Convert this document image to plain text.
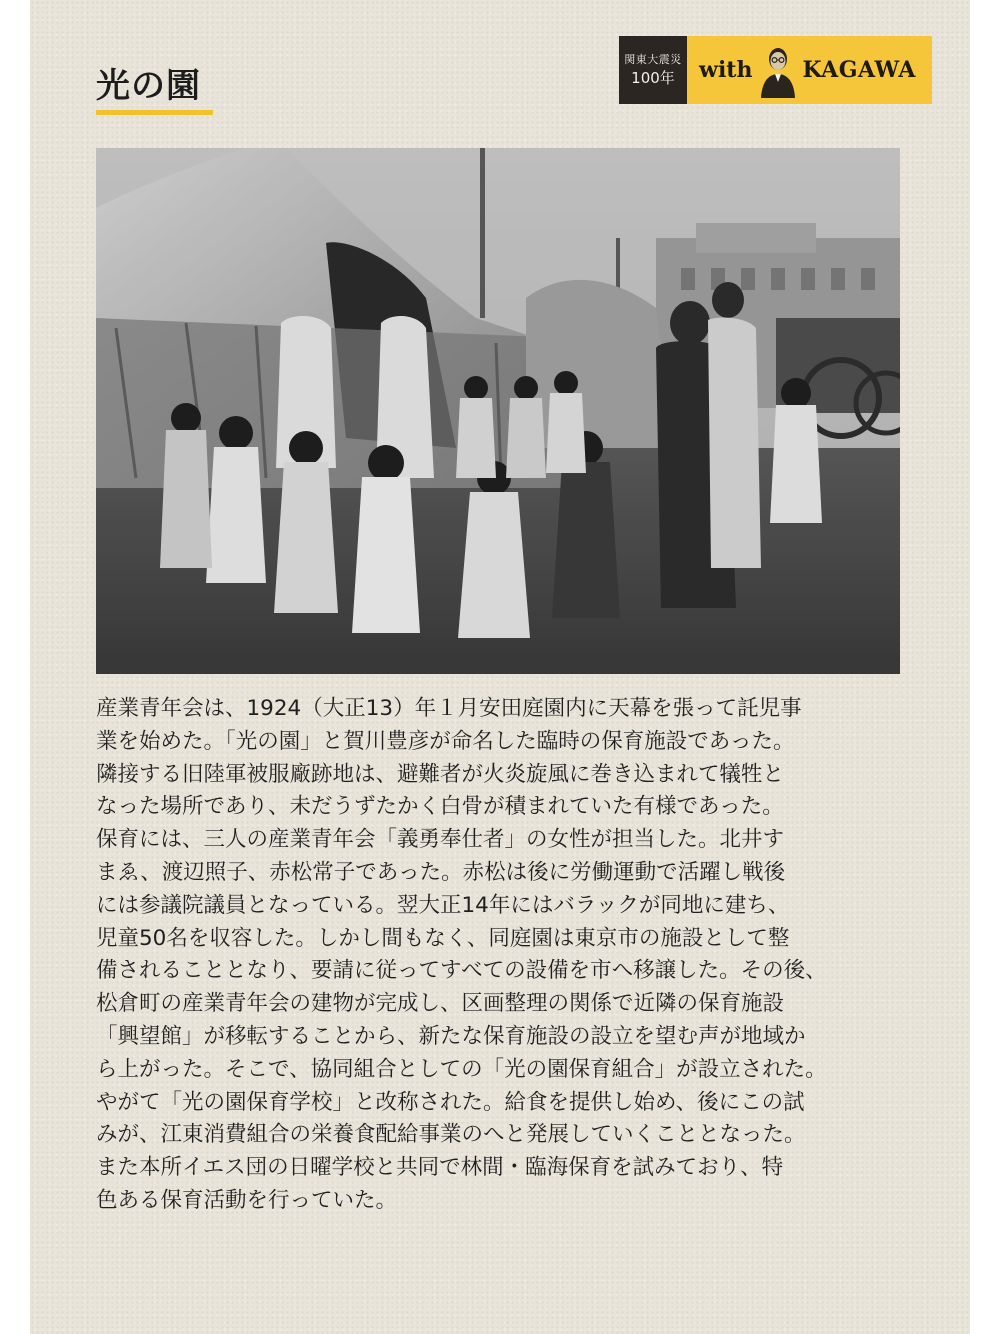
光の園
関東大震災
100年 with KAGAWA
産業青年会は、1924（大正13）年１月安田庭園内に天幕を張って託児事
業を始めた。「光の園」と賀川豊彦が命名した臨時の保育施設であった。
隣接する旧陸軍被服廠跡地は、避難者が火炎旋風に巻き込まれて犠牲と
なった場所であり、未だうずたかく白骨が積まれていた有様であった。
保育には、三人の産業青年会「義勇奉仕者」の女性が担当した。北井す
まゑ、渡辺照子、赤松常子であった。赤松は後に労働運動で活躍し戦後
には参議院議員となっている。翌大正14年にはバラックが同地に建ち、
児童50名を収容した。しかし間もなく、同庭園は東京市の施設として整
備されることとなり、要請に従ってすべての設備を市へ移譲した。その後、
松倉町の産業青年会の建物が完成し、区画整理の関係で近隣の保育施設
「興望館」が移転することから、新たな保育施設の設立を望む声が地域か
ら上がった。そこで、協同組合としての「光の園保育組合」が設立された。
やがて「光の園保育学校」と改称された。給食を提供し始め、後にこの試
みが、江東消費組合の栄養食配給事業のへと発展していくこととなった。
また本所イエス団の日曜学校と共同で林間・臨海保育を試みており、特
色ある保育活動を行っていた。
